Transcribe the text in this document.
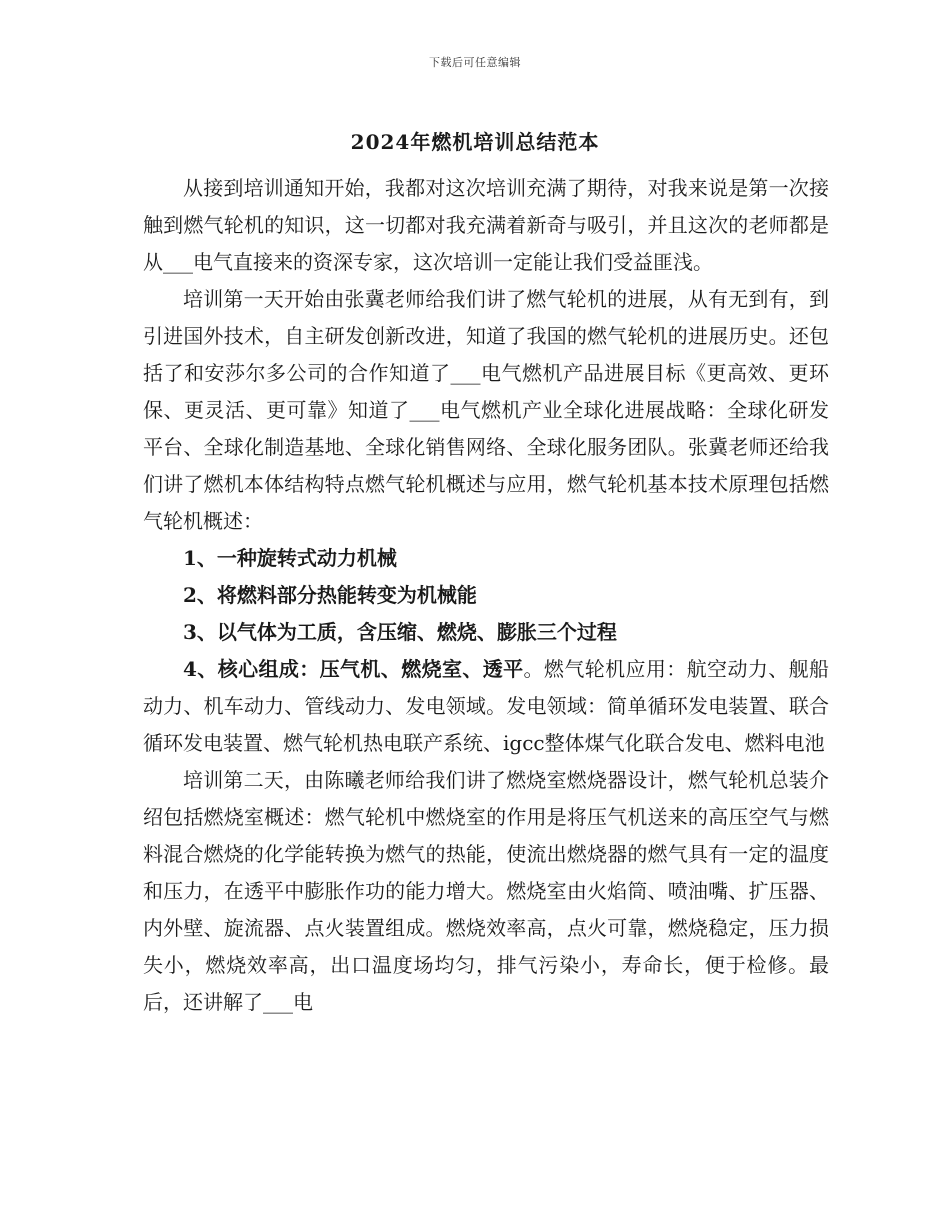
下载后可任意编辑
2024年燃机培训总结范本

从接到培训通知开始，我都对这次培训充满了期待，对我来说是第一次接触到燃气轮机的知识，这一切都对我充满着新奇与吸引，并且这次的老师都是从___电气直接来的资深专家，这次培训一定能让我们受益匪浅。

培训第一天开始由张冀老师给我们讲了燃气轮机的进展，从有无到有，到引进国外技术，自主研发创新改进，知道了我国的燃气轮机的进展历史。还包括了和安莎尔多公司的合作知道了___电气燃机产品进展目标《更高效、更环保、更灵活、更可靠》知道了___电气燃机产业全球化进展战略：全球化研发平台、全球化制造基地、全球化销售网络、全球化服务团队。张冀老师还给我们讲了燃机本体结构特点燃气轮机概述与应用，燃气轮机基本技术原理包括燃气轮机概述：

1、一种旋转式动力机械

2、将燃料部分热能转变为机械能

3、以气体为工质，含压缩、燃烧、膨胀三个过程

4、核心组成：压气机、燃烧室、透平。燃气轮机应用：航空动力、舰船动力、机车动力、管线动力、发电领域。发电领域：简单循环发电装置、联合循环发电装置、燃气轮机热电联产系统、igcc整体煤气化联合发电、燃料电池

培训第二天，由陈曦老师给我们讲了燃烧室燃烧器设计，燃气轮机总装介绍包括燃烧室概述：燃气轮机中燃烧室的作用是将压气机送来的高压空气与燃料混合燃烧的化学能转换为燃气的热能，使流出燃烧器的燃气具有一定的温度和压力，在透平中膨胀作功的能力增大。燃烧室由火焰筒、喷油嘴、扩压器、内外壁、旋流器、点火装置组成。燃烧效率高，点火可靠，燃烧稳定，压力损失小，燃烧效率高，出口温度场均匀，排气污染小，寿命长，便于检修。最后，还讲解了___电
